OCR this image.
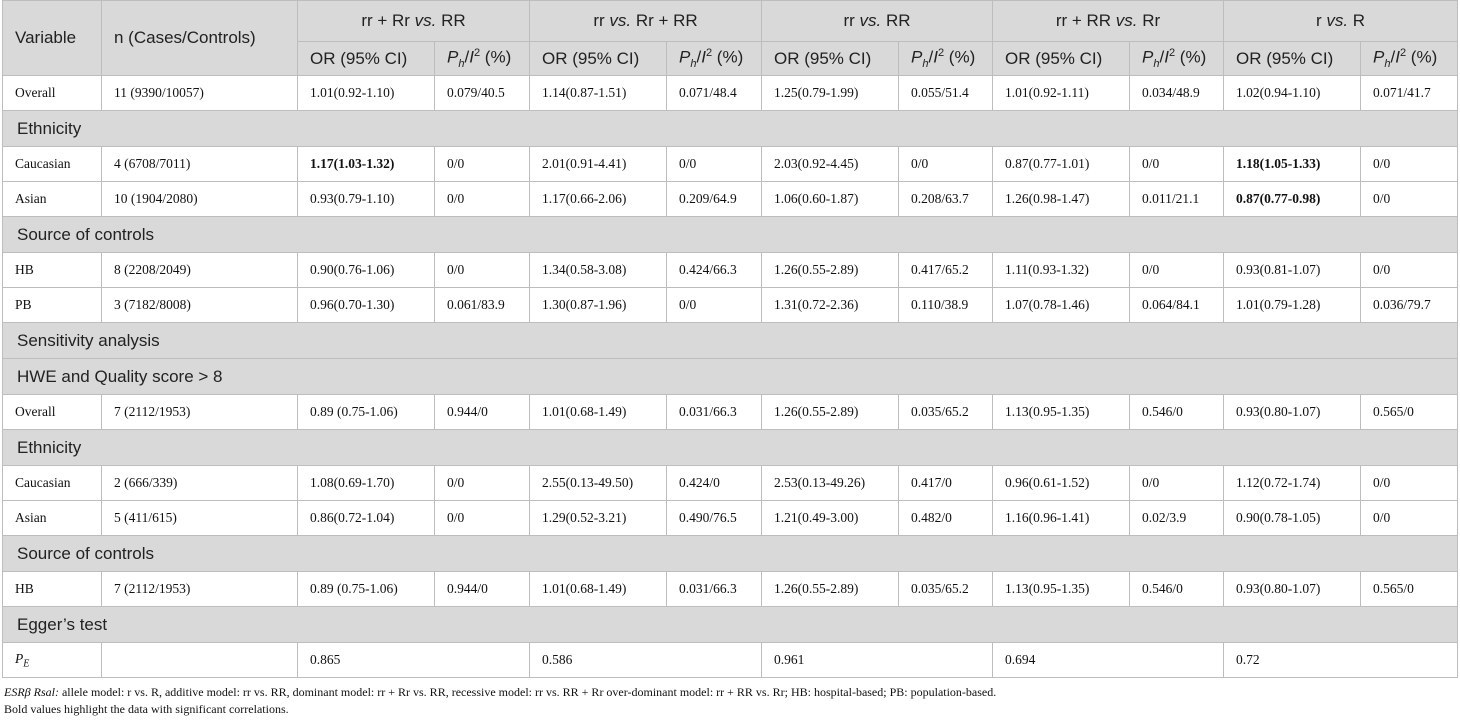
Variable	n (Cases/Controls)	rr + Rr vs. RR		rr vs. Rr + RR		rr vs. RR		rr + RR vs. Rr		r vs. R	
		OR (95% CI)	$P_h/I^2$ (%)	OR (95% CI)	$P_h/I^2$ (%)	OR (95% CI)	$P_h/I^2$ (%)	OR (95% CI)	$P_h/I^2$ (%)	OR (95% CI)	$P_h/I^2$ (%)
Overall	11 (9390/10057)	1.01(0.92-1.10)	0.079/40.5	1.14(0.87-1.51)	0.071/48.4	1.25(0.79-1.99)	0.055/51.4	1.01(0.92-1.11)	0.034/48.9	1.02(0.94-1.10)	0.071/41.7
Ethnicity											
Caucasian	4 (6708/7011)	1.17(1.03-1.32)	0/0	2.01(0.91-4.41)	0/0	2.03(0.92-4.45)	0/0	0.87(0.77-1.01)	0/0	1.18(1.05-1.33)	0/0
Asian	10 (1904/2080)	0.93(0.79-1.10)	0/0	1.17(0.66-2.06)	0.209/64.9	1.06(0.60-1.87)	0.208/63.7	1.26(0.98-1.47)	0.011/21.1	0.87(0.77-0.98)	0/0
Source of controls											
HB	8 (2208/2049)	0.90(0.76-1.06)	0/0	1.34(0.58-3.08)	0.424/66.3	1.26(0.55-2.89)	0.417/65.2	1.11(0.93-1.32)	0/0	0.93(0.81-1.07)	0/0
PB	3 (7182/8008)	0.96(0.70-1.30)	0.061/83.9	1.30(0.87-1.96)	0/0	1.31(0.72-2.36)	0.110/38.9	1.07(0.78-1.46)	0.064/84.1	1.01(0.79-1.28)	0.036/79.7
Sensitivity analysis											
HWE and Quality score > 8											
Overall	7 (2112/1953)	0.89 (0.75-1.06)	0.944/0	1.01(0.68-1.49)	0.031/66.3	1.26(0.55-2.89)	0.035/65.2	1.13(0.95-1.35)	0.546/0	0.93(0.80-1.07)	0.565/0
Ethnicity											
Caucasian	2 (666/339)	1.08(0.69-1.70)	0/0	2.55(0.13-49.50)	0.424/0	2.53(0.13-49.26)	0.417/0	0.96(0.61-1.52)	0/0	1.12(0.72-1.74)	0/0
Asian	5 (411/615)	0.86(0.72-1.04)	0/0	1.29(0.52-3.21)	0.490/76.5	1.21(0.49-3.00)	0.482/0	1.16(0.96-1.41)	0.02/3.9	0.90(0.78-1.05)	0/0
Source of controls											
HB	7 (2112/1953)	0.89 (0.75-1.06)	0.944/0	1.01(0.68-1.49)	0.031/66.3	1.26(0.55-2.89)	0.035/65.2	1.13(0.95-1.35)	0.546/0	0.93(0.80-1.07)	0.565/0
Egger’s test											
$P_E$		0.865		0.586		0.961		0.694		0.72	
ESRβ Rsal: allele model: r vs. R, additive model: rr vs. RR, dominant model: rr + Rr vs. RR, recessive model: rr vs. RR + Rr over-dominant model: rr + RR vs. Rr; HB: hospital-based; PB: population-based.
Bold values highlight the data with significant correlations.
